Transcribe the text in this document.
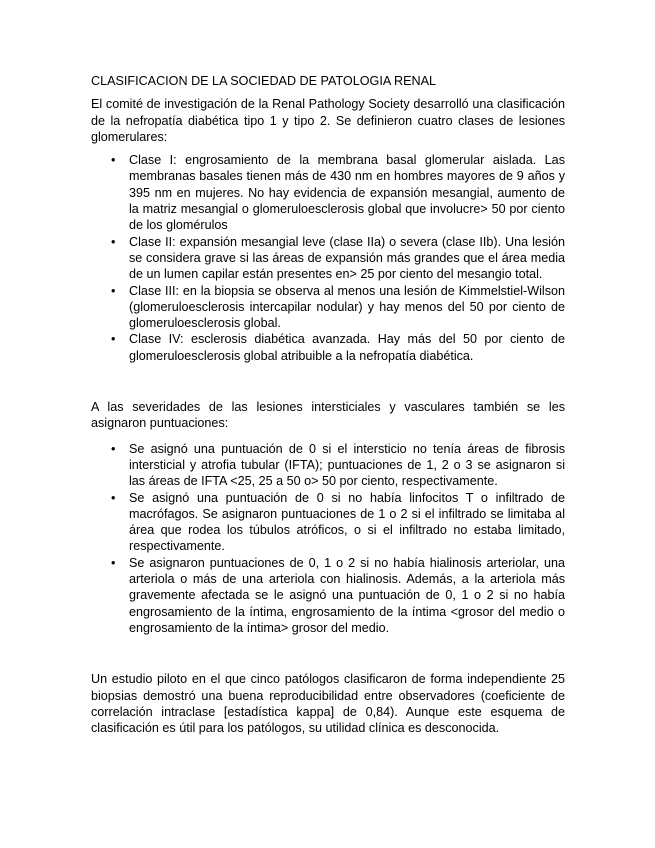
CLASIFICACION DE LA SOCIEDAD DE PATOLOGIA RENAL

El comité de investigación de la Renal Pathology Society desarrolló una clasificación de la nefropatía diabética tipo 1 y tipo 2. Se definieron cuatro clases de lesiones glomerulares:

• Clase I: engrosamiento de la membrana basal glomerular aislada. Las membranas basales tienen más de 430 nm en hombres mayores de 9 años y 395 nm en mujeres. No hay evidencia de expansión mesangial, aumento de la matriz mesangial o glomeruloesclerosis global que involucre> 50 por ciento de los glomérulos
• Clase II: expansión mesangial leve (clase IIa) o severa (clase IIb). Una lesión se considera grave si las áreas de expansión más grandes que el área media de un lumen capilar están presentes en> 25 por ciento del mesangio total.
• Clase III: en la biopsia se observa al menos una lesión de Kimmelstiel-Wilson (glomeruloesclerosis intercapilar nodular) y hay menos del 50 por ciento de glomeruloesclerosis global.
• Clase IV: esclerosis diabética avanzada. Hay más del 50 por ciento de glomeruloesclerosis global atribuible a la nefropatía diabética.

A las severidades de las lesiones intersticiales y vasculares también se les asignaron puntuaciones:

• Se asignó una puntuación de 0 si el intersticio no tenía áreas de fibrosis intersticial y atrofia tubular (IFTA); puntuaciones de 1, 2 o 3 se asignaron si las áreas de IFTA <25, 25 a 50 o> 50 por ciento, respectivamente.
• Se asignó una puntuación de 0 si no había linfocitos T o infiltrado de macrófagos. Se asignaron puntuaciones de 1 o 2 si el infiltrado se limitaba al área que rodea los túbulos atróficos, o si el infiltrado no estaba limitado, respectivamente.
• Se asignaron puntuaciones de 0, 1 o 2 si no había hialinosis arteriolar, una arteriola o más de una arteriola con hialinosis. Además, a la arteriola más gravemente afectada se le asignó una puntuación de 0, 1 o 2 si no había engrosamiento de la íntima, engrosamiento de la íntima <grosor del medio o engrosamiento de la íntima> grosor del medio.

Un estudio piloto en el que cinco patólogos clasificaron de forma independiente 25 biopsias demostró una buena reproducibilidad entre observadores (coeficiente de correlación intraclase [estadística kappa] de 0,84). Aunque este esquema de clasificación es útil para los patólogos, su utilidad clínica es desconocida.
